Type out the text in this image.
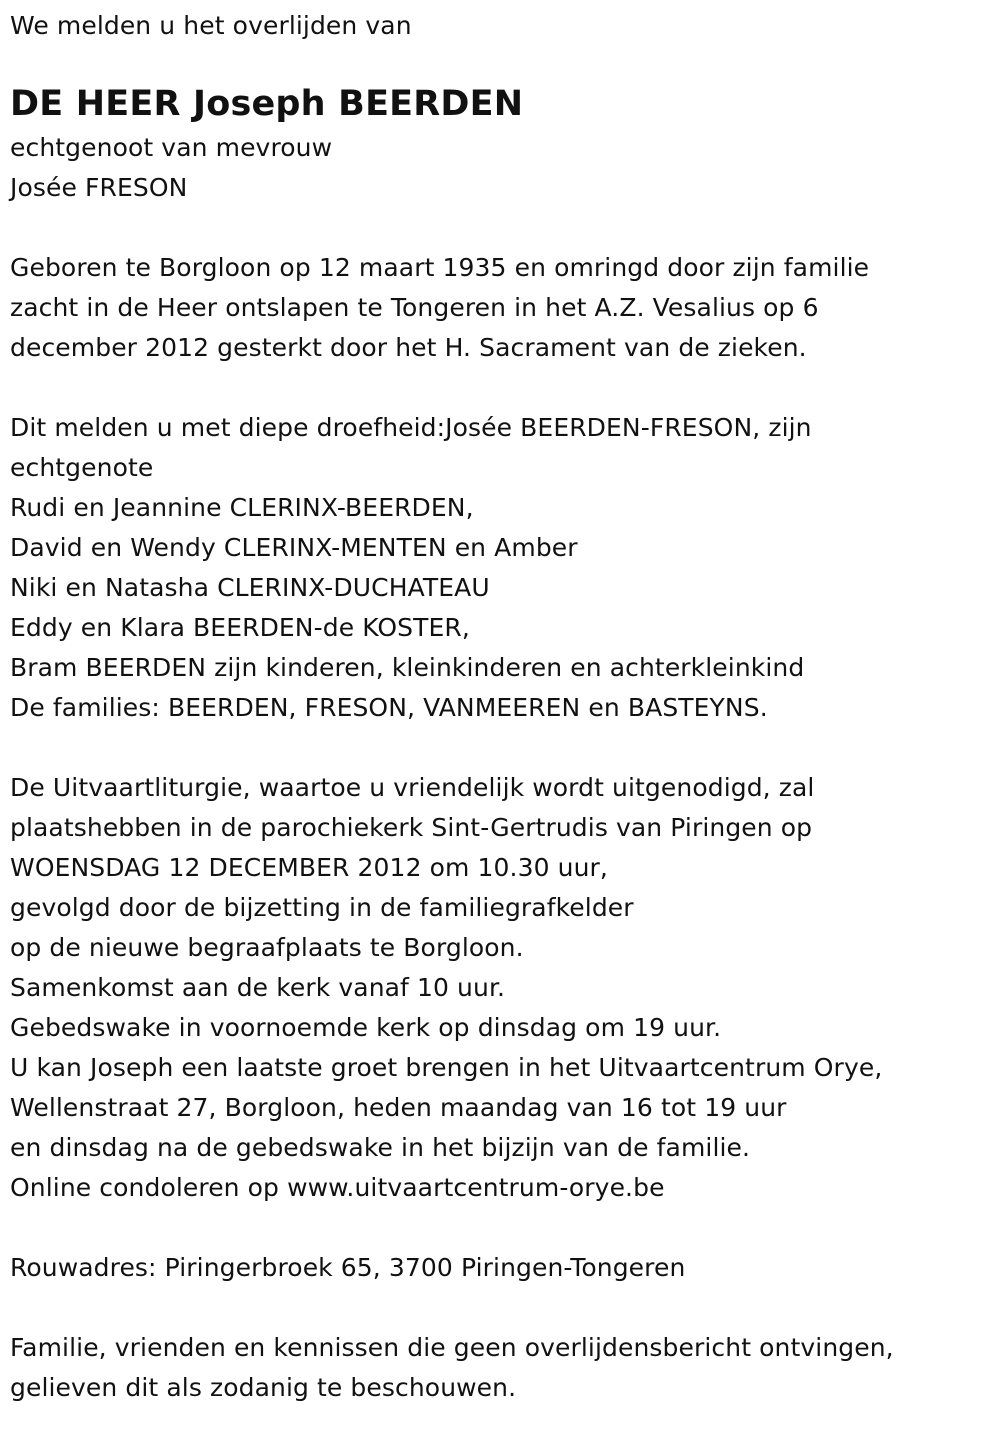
We melden u het overlijden van
DE HEER Joseph BEERDEN
echtgenoot van mevrouw
Josée FRESON
Geboren te Borgloon op 12 maart 1935 en omringd door zijn familie
zacht in de Heer ontslapen te Tongeren in het A.Z. Vesalius op 6
december 2012 gesterkt door het H. Sacrament van de zieken.
Dit melden u met diepe droefheid:Josée BEERDEN-FRESON, zijn
echtgenote
Rudi en Jeannine CLERINX-BEERDEN,
David en Wendy CLERINX-MENTEN en Amber
Niki en Natasha CLERINX-DUCHATEAU
Eddy en Klara BEERDEN-de KOSTER,
Bram BEERDEN zijn kinderen, kleinkinderen en achterkleinkind
De families: BEERDEN, FRESON, VANMEEREN en BASTEYNS.
De Uitvaartliturgie, waartoe u vriendelijk wordt uitgenodigd, zal
plaatshebben in de parochiekerk Sint-Gertrudis van Piringen op
WOENSDAG 12 DECEMBER 2012 om 10.30 uur,
gevolgd door de bijzetting in de familiegrafkelder
op de nieuwe begraafplaats te Borgloon.
Samenkomst aan de kerk vanaf 10 uur.
Gebedswake in voornoemde kerk op dinsdag om 19 uur.
U kan Joseph een laatste groet brengen in het Uitvaartcentrum Orye,
Wellenstraat 27, Borgloon, heden maandag van 16 tot 19 uur
en dinsdag na de gebedswake in het bijzijn van de familie.
Online condoleren op www.uitvaartcentrum-orye.be
Rouwadres: Piringerbroek 65, 3700 Piringen-Tongeren
Familie, vrienden en kennissen die geen overlijdensbericht ontvingen,
gelieven dit als zodanig te beschouwen.
